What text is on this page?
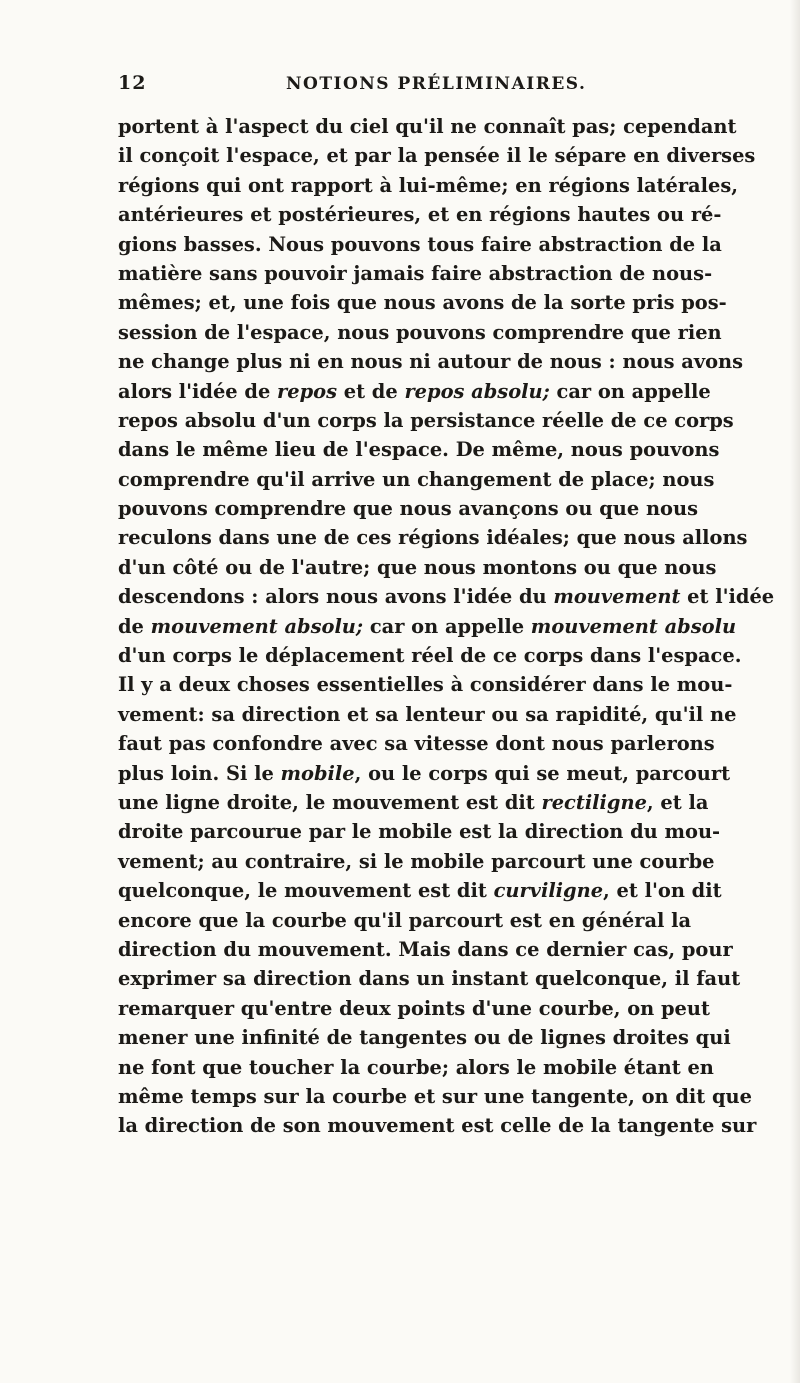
12	NOTIONS PRÉLIMINAIRES.
portent à l'aspect du ciel qu'il ne connaît pas; cependant
il conçoit l'espace, et par la pensée il le sépare en diverses
régions qui ont rapport à lui-même; en régions latérales,
antérieures et postérieures, et en régions hautes ou ré-
gions basses. Nous pouvons tous faire abstraction de la
matière sans pouvoir jamais faire abstraction de nous-
mêmes; et, une fois que nous avons de la sorte pris pos-
session de l'espace, nous pouvons comprendre que rien
ne change plus ni en nous ni autour de nous : nous avons
alors l'idée de repos et de repos absolu; car on appelle
repos absolu d'un corps la persistance réelle de ce corps
dans le même lieu de l'espace. De même, nous pouvons
comprendre qu'il arrive un changement de place; nous
pouvons comprendre que nous avançons ou que nous
reculons dans une de ces régions idéales; que nous allons
d'un côté ou de l'autre; que nous montons ou que nous
descendons : alors nous avons l'idée du mouvement et l'idée
de mouvement absolu; car on appelle mouvement absolu
d'un corps le déplacement réel de ce corps dans l'espace.
Il y a deux choses essentielles à considérer dans le mou-
vement: sa direction et sa lenteur ou sa rapidité, qu'il ne
faut pas confondre avec sa vitesse dont nous parlerons
plus loin. Si le mobile, ou le corps qui se meut, parcourt
une ligne droite, le mouvement est dit rectiligne, et la
droite parcourue par le mobile est la direction du mou-
vement; au contraire, si le mobile parcourt une courbe
quelconque, le mouvement est dit curviligne, et l'on dit
encore que la courbe qu'il parcourt est en général la
direction du mouvement. Mais dans ce dernier cas, pour
exprimer sa direction dans un instant quelconque, il faut
remarquer qu'entre deux points d'une courbe, on peut
mener une infinité de tangentes ou de lignes droites qui
ne font que toucher la courbe; alors le mobile étant en
même temps sur la courbe et sur une tangente, on dit que
la direction de son mouvement est celle de la tangente sur
